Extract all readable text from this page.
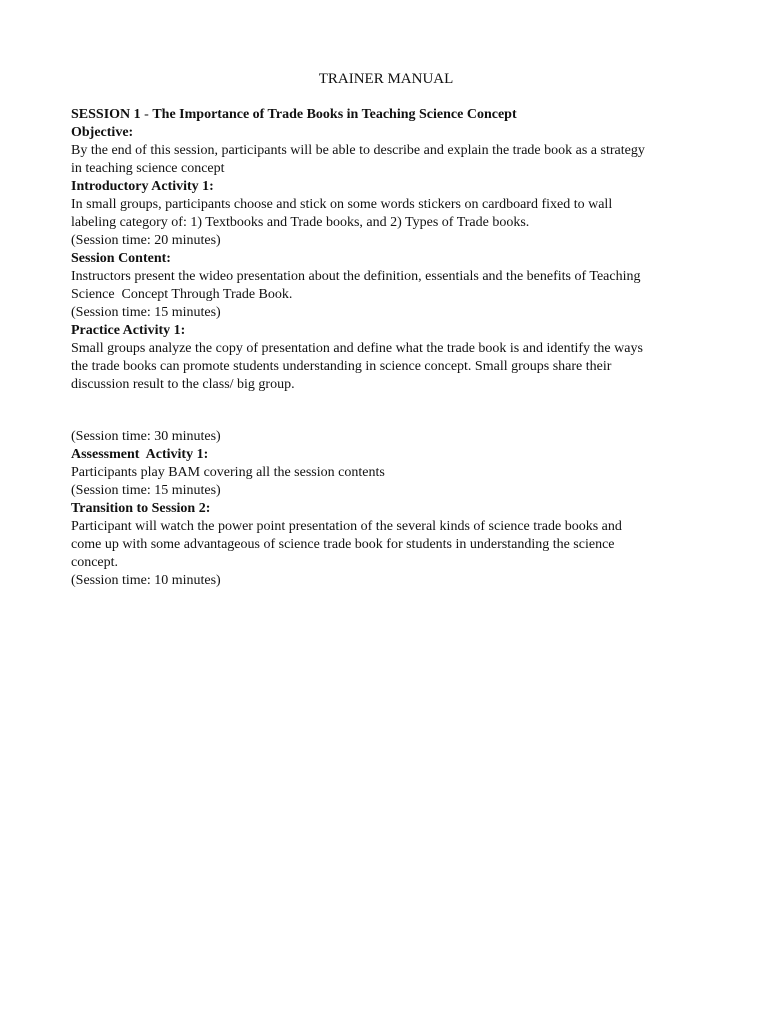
TRAINER MANUAL
SESSION 1 - The Importance of Trade Books in Teaching Science Concept
Objective:
By the end of this session, participants will be able to describe and explain the trade book as a strategy
in teaching science concept
Introductory Activity 1:
In small groups, participants choose and stick on some words stickers on cardboard fixed to wall
labeling category of: 1) Textbooks and Trade books, and 2) Types of Trade books.
(Session time: 20 minutes)
Session Content:
Instructors present the wideo presentation about the definition, essentials and the benefits of Teaching
Science  Concept Through Trade Book.
(Session time: 15 minutes)
Practice Activity 1:
Small groups analyze the copy of presentation and define what the trade book is and identify the ways
the trade books can promote students understanding in science concept. Small groups share their
discussion result to the class/ big group.
(Session time: 30 minutes)
Assessment  Activity 1:
Participants play BAM covering all the session contents
(Session time: 15 minutes)
Transition to Session 2:
Participant will watch the power point presentation of the several kinds of science trade books and
come up with some advantageous of science trade book for students in understanding the science
concept.
(Session time: 10 minutes)
